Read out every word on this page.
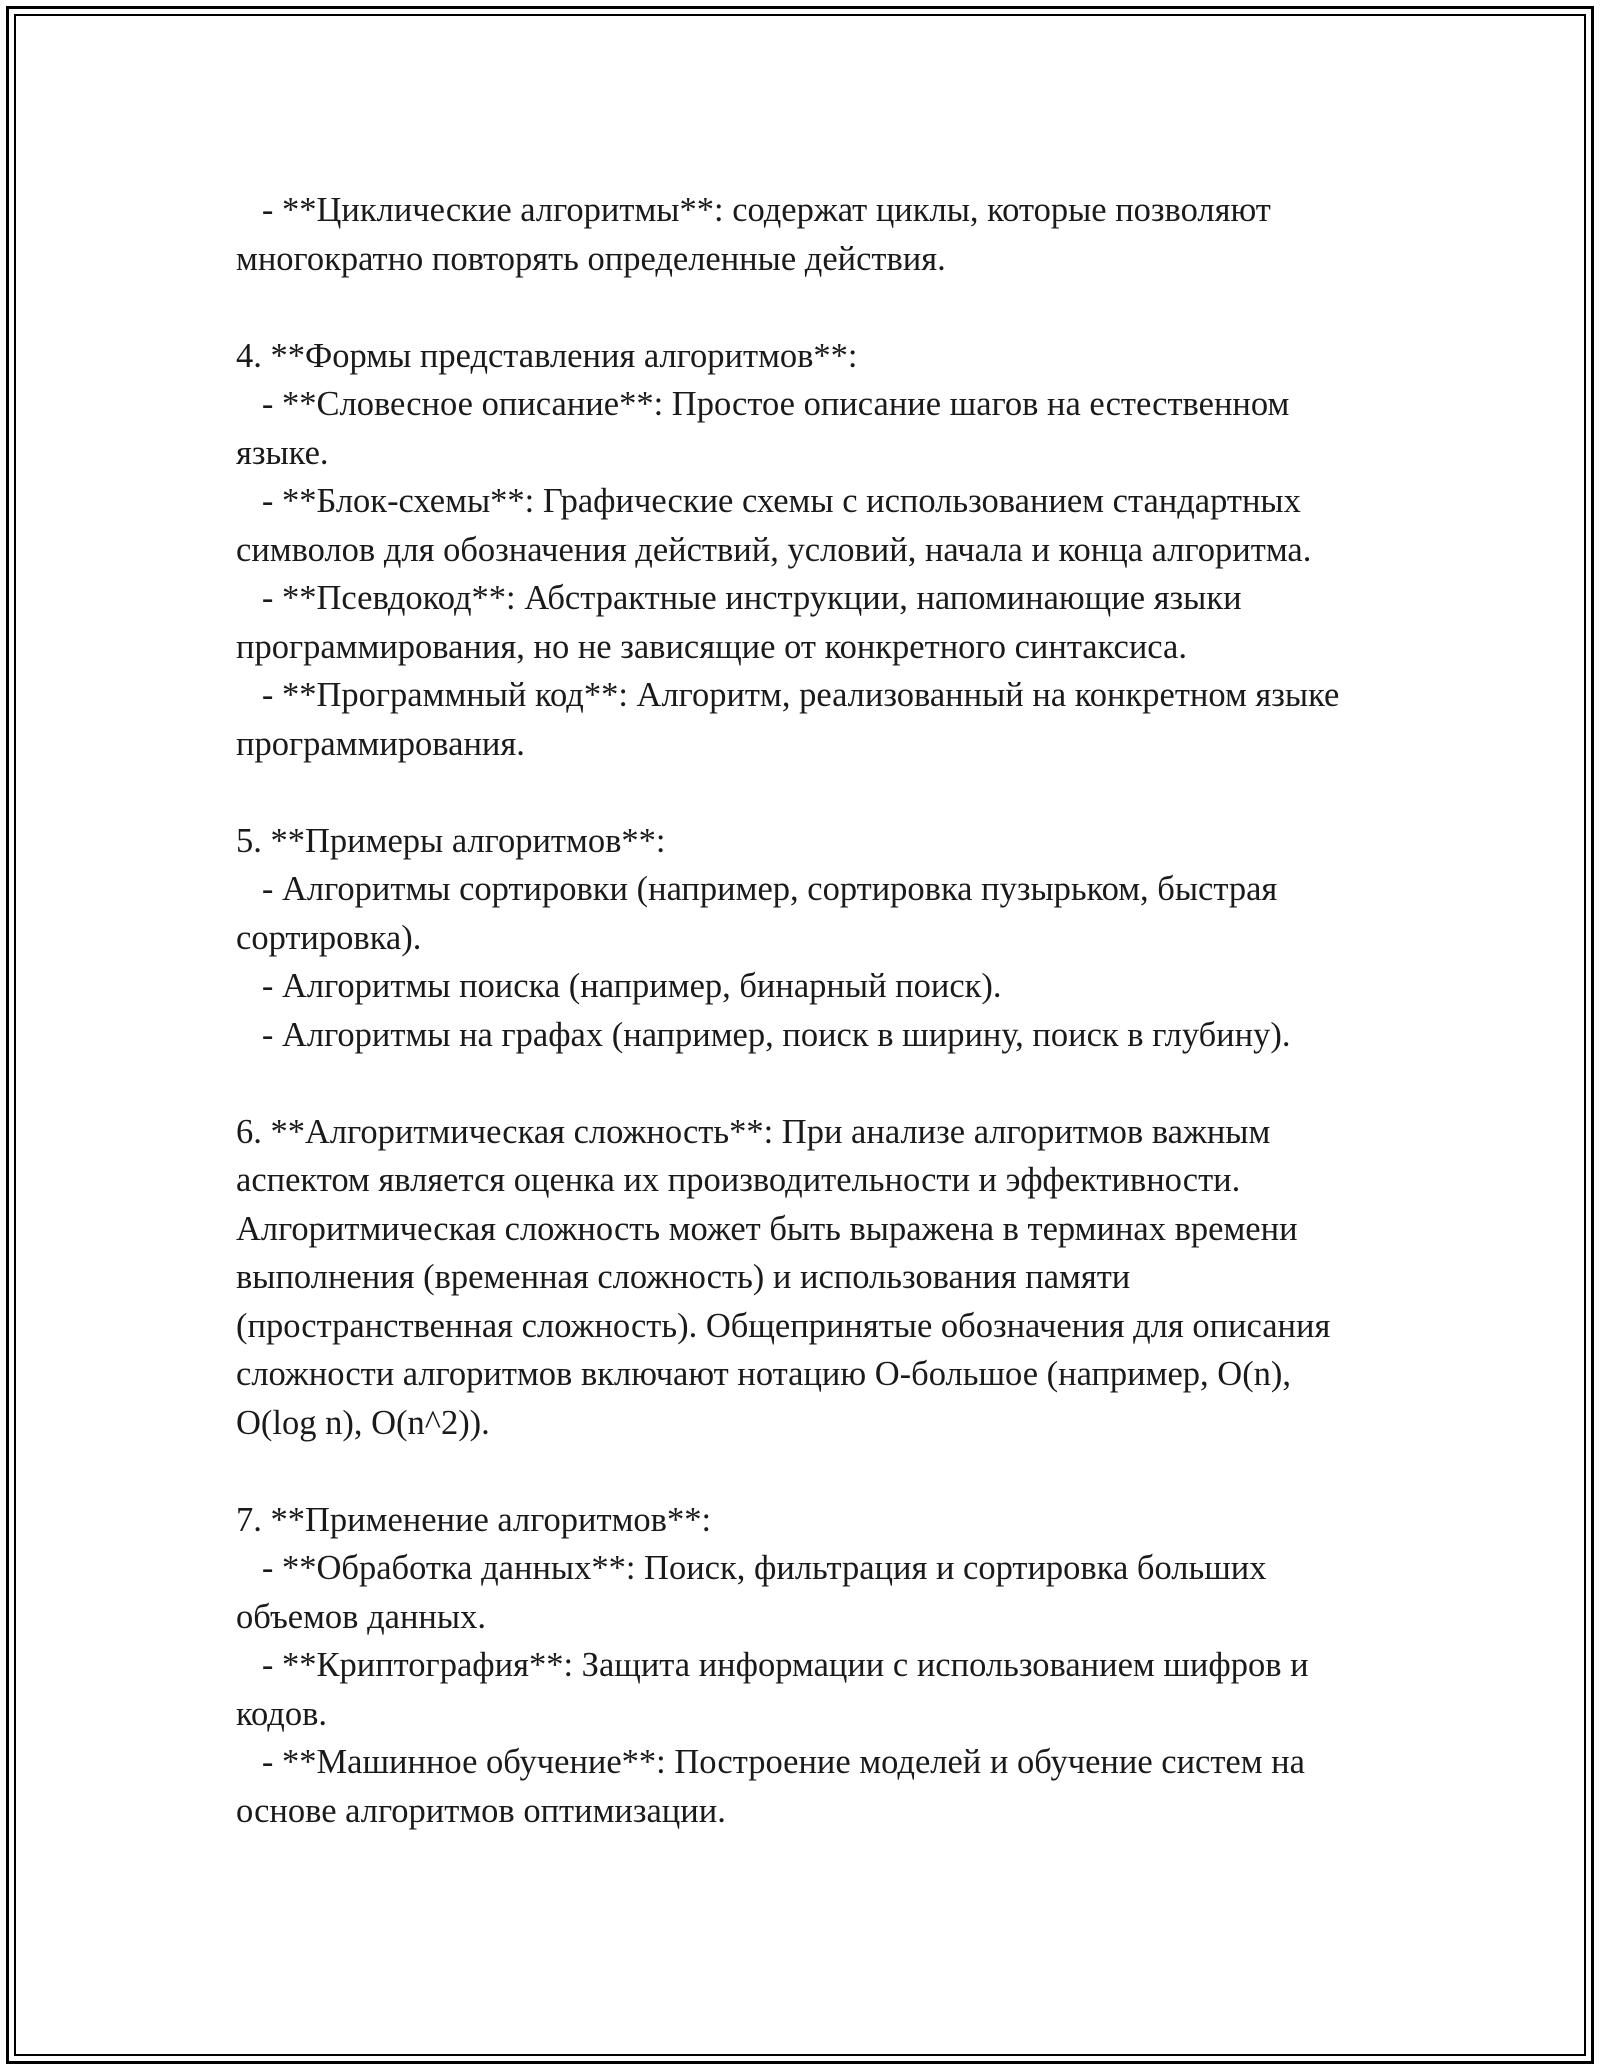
- **Циклические алгоритмы**: содержат циклы, которые позволяют многократно повторять определенные действия.

4. **Формы представления алгоритмов**:

- **Словесное описание**: Простое описание шагов на естественном языке.

- **Блок-схемы**: Графические схемы с использованием стандартных символов для обозначения действий, условий, начала и конца алгоритма.

- **Псевдокод**: Абстрактные инструкции, напоминающие языки программирования, но не зависящие от конкретного синтаксиса.

- **Программный код**: Алгоритм, реализованный на конкретном языке программирования.

5. **Примеры алгоритмов**:

- Алгоритмы сортировки (например, сортировка пузырьком, быстрая сортировка).

- Алгоритмы поиска (например, бинарный поиск).

- Алгоритмы на графах (например, поиск в ширину, поиск в глубину).

6. **Алгоритмическая сложность**: При анализе алгоритмов важным аспектом является оценка их производительности и эффективности. Алгоритмическая сложность может быть выражена в терминах времени выполнения (временная сложность) и использования памяти (пространственная сложность). Общепринятые обозначения для описания сложности алгоритмов включают нотацию O-большое (например, O(n), O(log n), O(n^2)).

7. **Применение алгоритмов**:

- **Обработка данных**: Поиск, фильтрация и сортировка больших объемов данных.

- **Криптография**: Защита информации с использованием шифров и кодов.

- **Машинное обучение**: Построение моделей и обучение систем на основе алгоритмов оптимизации.
